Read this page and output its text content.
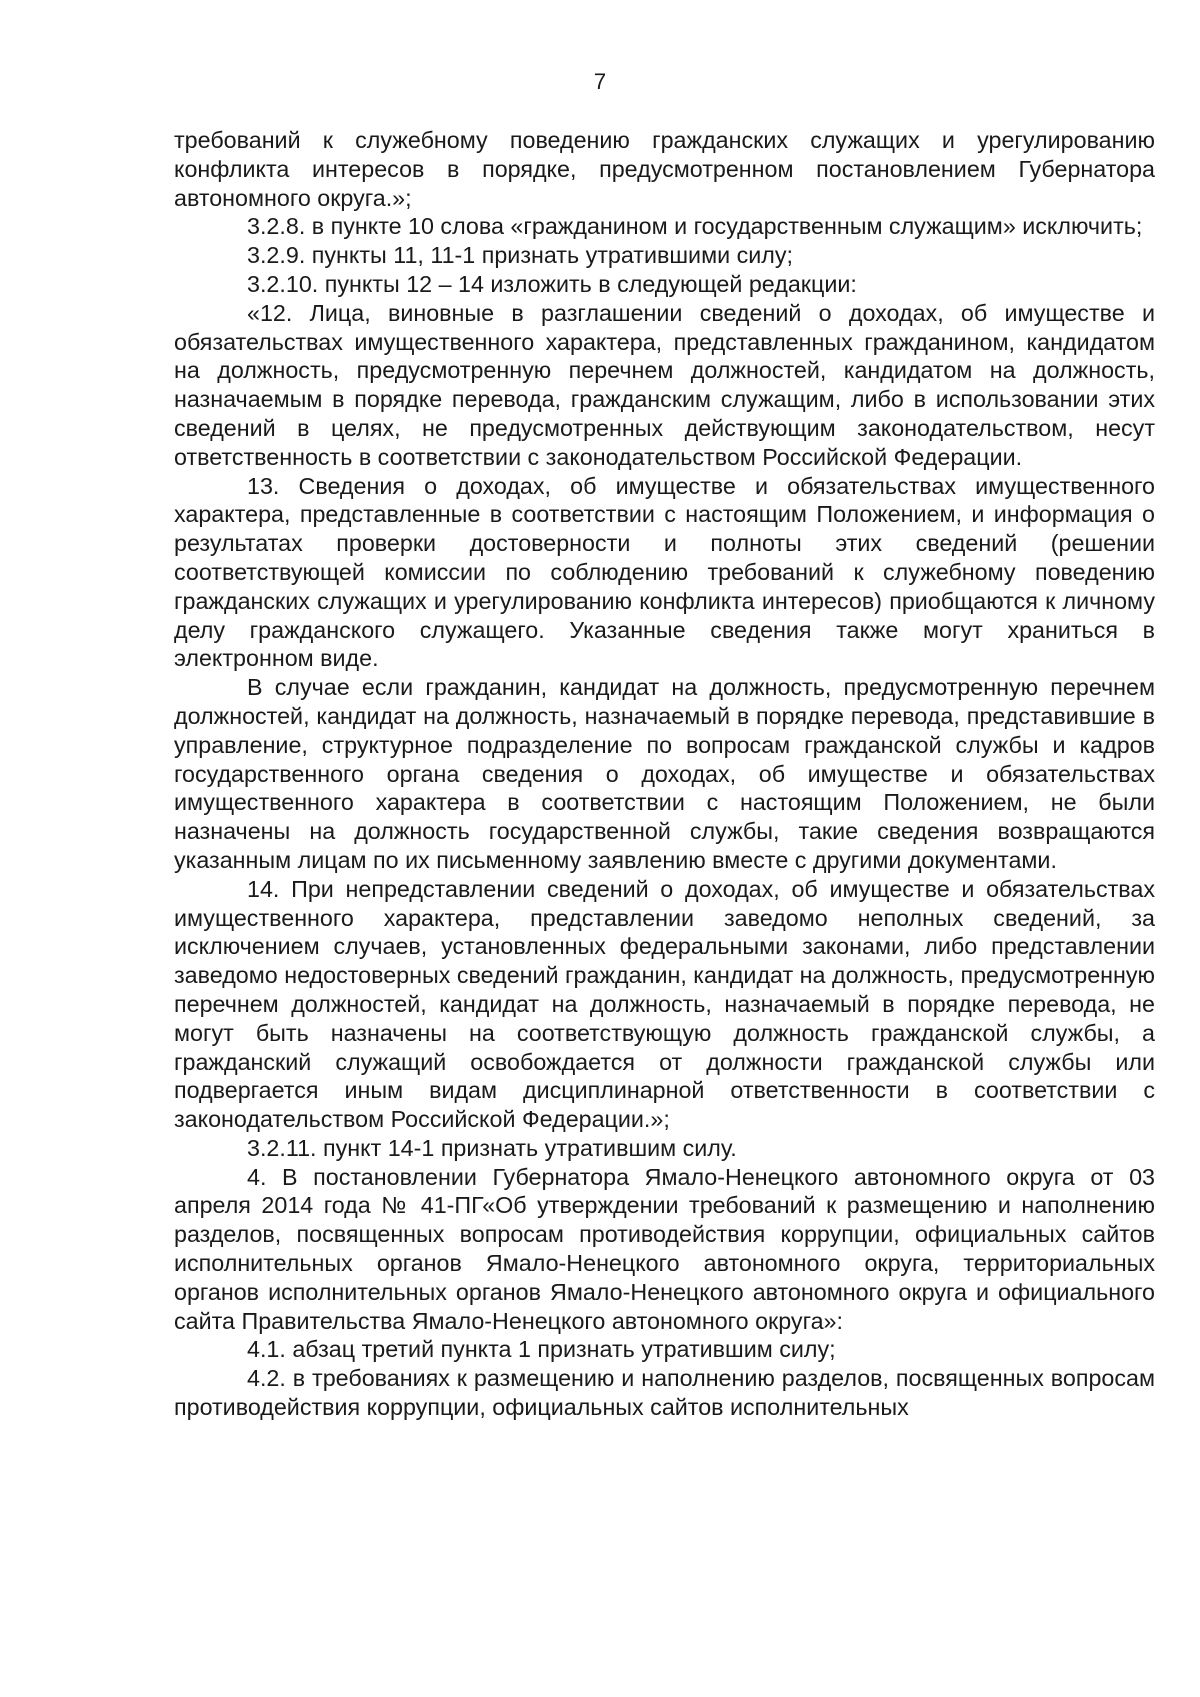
7

требований к служебному поведению гражданских служащих и урегулированию конфликта интересов в порядке, предусмотренном постановлением Губернатора автономного округа.»;

3.2.8. в пункте 10 слова «гражданином и государственным служащим» исключить;

3.2.9. пункты 11, 11-1 признать утратившими силу;

3.2.10. пункты 12 – 14 изложить в следующей редакции:

«12. Лица, виновные в разглашении сведений о доходах, об имуществе и обязательствах имущественного характера, представленных гражданином, кандидатом на должность, предусмотренную перечнем должностей, кандидатом на должность, назначаемым в порядке перевода, гражданским служащим, либо в использовании этих сведений в целях, не предусмотренных действующим законодательством, несут ответственность в соответствии с законодательством Российской Федерации.

13. Сведения о доходах, об имуществе и обязательствах имущественного характера, представленные в соответствии с настоящим Положением, и информация о результатах проверки достоверности и полноты этих сведений (решении соответствующей комиссии по соблюдению требований к служебному поведению гражданских служащих и урегулированию конфликта интересов) приобщаются к личному делу гражданского служащего. Указанные сведения также могут храниться в электронном виде.

В случае если гражданин, кандидат на должность, предусмотренную перечнем должностей, кандидат на должность, назначаемый в порядке перевода, представившие в управление, структурное подразделение по вопросам гражданской службы и кадров государственного органа сведения о доходах, об имуществе и обязательствах имущественного характера в соответствии с настоящим Положением, не были назначены на должность государственной службы, такие сведения возвращаются указанным лицам по их письменному заявлению вместе с другими документами.

14. При непредставлении сведений о доходах, об имуществе и обязательствах имущественного характера, представлении заведомо неполных сведений, за исключением случаев, установленных федеральными законами, либо представлении заведомо недостоверных сведений гражданин, кандидат на должность, предусмотренную перечнем должностей, кандидат на должность, назначаемый в порядке перевода, не могут быть назначены на соответствующую должность гражданской службы, а гражданский служащий освобождается от должности гражданской службы или подвергается иным видам дисциплинарной ответственности в соответствии с законодательством Российской Федерации.»;

3.2.11. пункт 14-1 признать утратившим силу.

4. В постановлении Губернатора Ямало-Ненецкого автономного округа от 03 апреля 2014 года № 41-ПГ«Об утверждении требований к размещению и наполнению разделов, посвященных вопросам противодействия коррупции, официальных сайтов исполнительных органов Ямало-Ненецкого автономного округа, территориальных органов исполнительных органов Ямало-Ненецкого автономного округа и официального сайта Правительства Ямало-Ненецкого автономного округа»:

4.1. абзац третий пункта 1 признать утратившим силу;

4.2. в требованиях к размещению и наполнению разделов, посвященных вопросам противодействия коррупции, официальных сайтов исполнительных
